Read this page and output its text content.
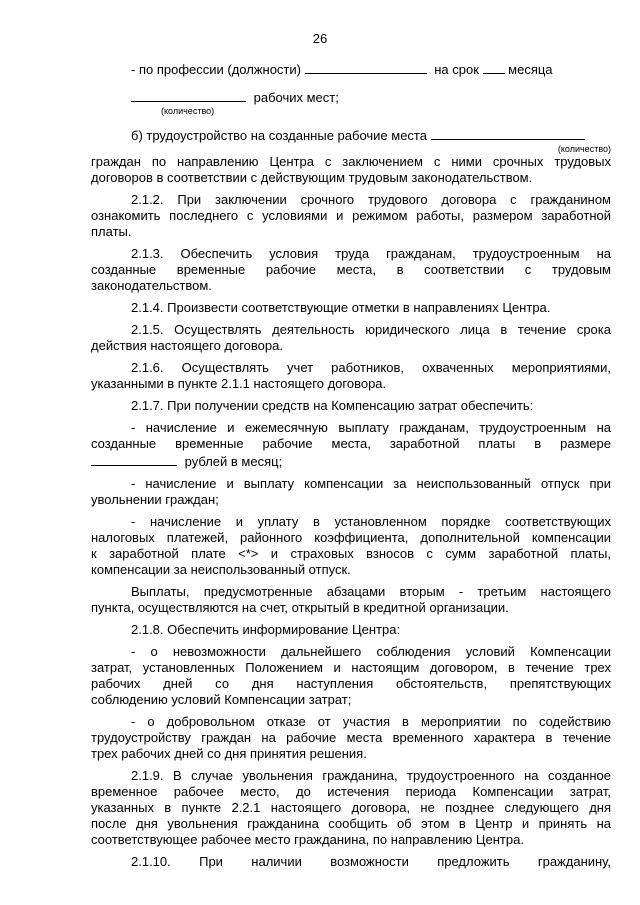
26
- по профессии (должности)	на срок месяца
рабочих мест;
(количество)
б) трудоустройство на созданные рабочие места
(количество)
граждан по направлению Центра с заключением с ними срочных трудовых
договоров в соответствии с действующим трудовым законодательством.
2.1.2. При заключении срочного трудового договора с гражданином
ознакомить последнего с условиями и режимом работы, размером заработной
платы.
2.1.3. Обеспечить условия труда гражданам, трудоустроенным на
созданные временные рабочие места, в соответствии с трудовым
законодательством.
2.1.4. Произвести соответствующие отметки в направлениях Центра.
2.1.5. Осуществлять деятельность юридического лица в течение срока
действия настоящего договора.
2.1.6. Осуществлять учет работников, охваченных мероприятиями,
указанными в пункте 2.1.1 настоящего договора.
2.1.7. При получении средств на Компенсацию затрат обеспечить:
- начисление и ежемесячную выплату гражданам, трудоустроенным на
созданные временные рабочие места, заработной платы в размере
рублей в месяц;
- начисление и выплату компенсации за неиспользованный отпуск при
увольнении граждан;
- начисление и уплату в установленном порядке соответствующих
налоговых платежей, районного коэффициента, дополнительной компенсации
к заработной плате <*> и страховых взносов с сумм заработной платы,
компенсации за неиспользованный отпуск.
Выплаты, предусмотренные абзацами вторым - третьим настоящего
пункта, осуществляются на счет, открытый в кредитной организации.
2.1.8. Обеспечить информирование Центра:
- о невозможности дальнейшего соблюдения условий Компенсации
затрат, установленных Положением и настоящим договором, в течение трех
рабочих дней со дня наступления обстоятельств, препятствующих
соблюдению условий Компенсации затрат;
- о добровольном отказе от участия в мероприятии по содействию
трудоустройству граждан на рабочие места временного характера в течение
трех рабочих дней со дня принятия решения.
2.1.9. В случае увольнения гражданина, трудоустроенного на созданное
временное рабочее место, до истечения периода Компенсации затрат,
указанных в пункте 2.2.1 настоящего договора, не позднее следующего дня
после дня увольнения гражданина сообщить об этом в Центр и принять на
соответствующее рабочее место гражданина, по направлению Центра.
2.1.10. При наличии возможности предложить гражданину,
